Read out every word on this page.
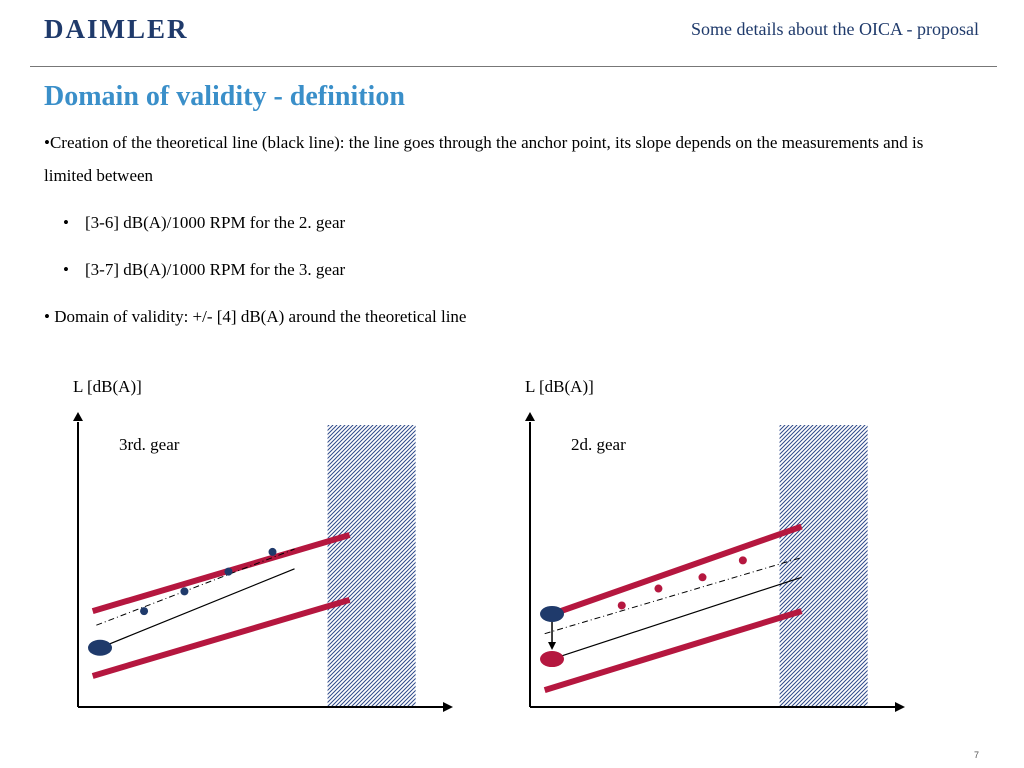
DAIMLER	Some details about the OICA - proposal

Domain of validity - definition

•Creation of the theoretical line (black line): the line goes through the anchor point, its slope depends on the measurements and is limited between

• [3-6] dB(A)/1000 RPM for the 2. gear

• [3-7] dB(A)/1000 RPM for the 3. gear

• Domain of validity: +/- [4] dB(A) around the theoretical line

L [dB(A)]
3rd. gear
L [dB(A)]
2d. gear

7
